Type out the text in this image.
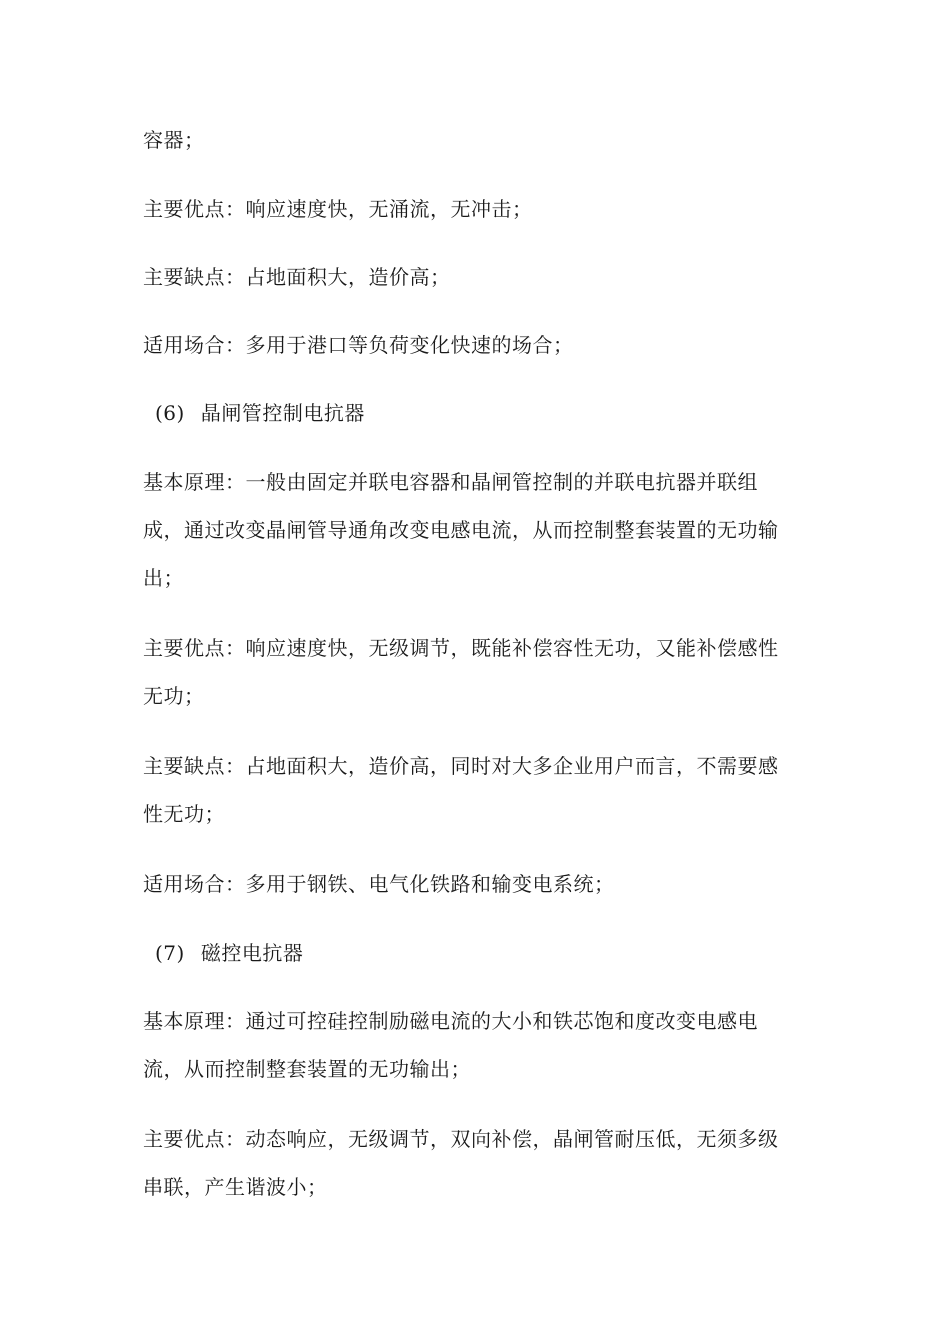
容器；
主要优点：响应速度快，无涌流，无冲击；
主要缺点：占地面积大，造价高；
适用场合：多用于港口等负荷变化快速的场合；
(6) 晶闸管控制电抗器
基本原理：一般由固定并联电容器和晶闸管控制的并联电抗器并联组成，通过改变晶闸管导通角改变电感电流，从而控制整套装置的无功输出；
主要优点：响应速度快，无级调节，既能补偿容性无功，又能补偿感性无功；
主要缺点：占地面积大，造价高，同时对大多企业用户而言，不需要感性无功；
适用场合：多用于钢铁、电气化铁路和输变电系统；
(7) 磁控电抗器
基本原理：通过可控硅控制励磁电流的大小和铁芯饱和度改变电感电流，从而控制整套装置的无功输出；
主要优点：动态响应，无级调节，双向补偿，晶闸管耐压低，无须多级串联，产生谐波小；
